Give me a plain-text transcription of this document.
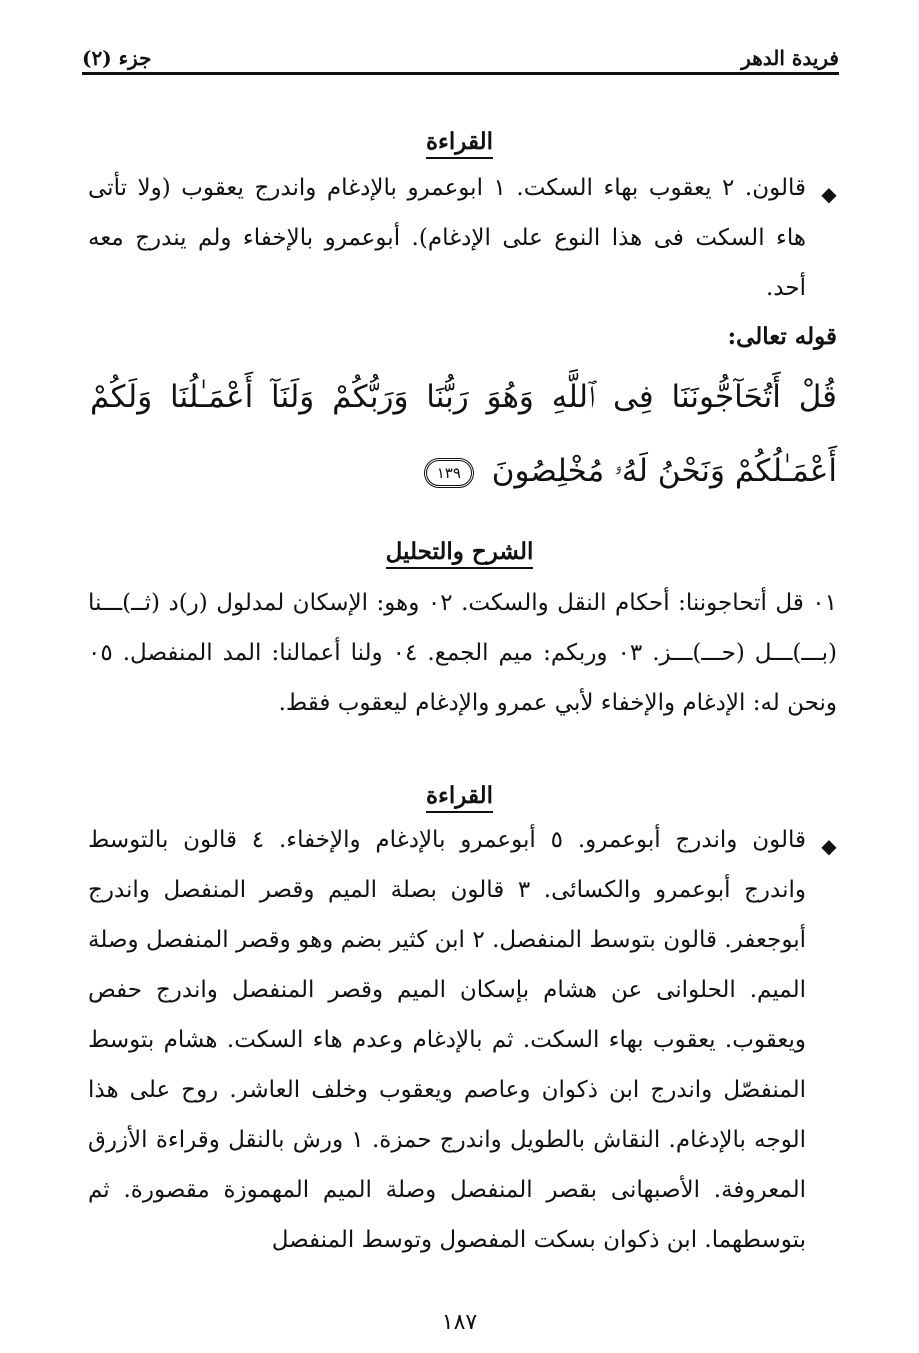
فريدة الدهر
جزء (٢)
القراءة
◆
قالون. ٢ يعقوب بهاء السكت. ١ ابوعمرو بالإدغام واندرج يعقوب (ولا تأتى هاء السكت فى هذا النوع على الإدغام). أبوعمرو بالإخفاء ولم يندرج معه أحد.
قوله تعالى:
قُلْ أَتُحَآجُّونَنَا فِى ٱللَّهِ وَهُوَ رَبُّنَا وَرَبُّكُمْ وَلَنَآ أَعْمَـٰلُنَا وَلَكُمْ أَعْمَـٰلُكُمْ وَنَحْنُ لَهُۥ مُخْلِصُونَ ١٣٩
الشرح والتحليل
٠١ قل أتحاجوننا: أحكام النقل والسكت. ٠٢ وهو: الإسكان لمدلول (ر)د (ثــ)ـــنا (بـــ)ـــل (حـــ)ـــز. ٠٣ وربكم: ميم الجمع. ٠٤ ولنا أعمالنا: المد المنفصل. ٠٥ ونحن له: الإدغام والإخفاء لأبي عمرو والإدغام ليعقوب فقط.
القراءة
◆
قالون واندرج أبوعمرو. ٥ أبوعمرو بالإدغام والإخفاء. ٤ قالون بالتوسط واندرج أبوعمرو والكسائى. ٣ قالون بصلة الميم وقصر المنفصل واندرج أبوجعفر. قالون بتوسط المنفصل. ٢ ابن كثير بضم وهو وقصر المنفصل وصلة الميم. الحلوانى عن هشام بإسكان الميم وقصر المنفصل واندرج حفص ويعقوب. يعقوب بهاء السكت. ثم بالإدغام وعدم هاء السكت. هشام بتوسط المنفصّل واندرج ابن ذكوان وعاصم ويعقوب وخلف العاشر. روح على هذا الوجه بالإدغام. النقاش بالطويل واندرج حمزة. ١ ورش بالنقل وقراءة الأزرق المعروفة. الأصبهانى بقصر المنفصل وصلة الميم المهموزة مقصورة. ثم بتوسطهما. ابن ذكوان بسكت المفصول وتوسط المنفصل
١٨٧
